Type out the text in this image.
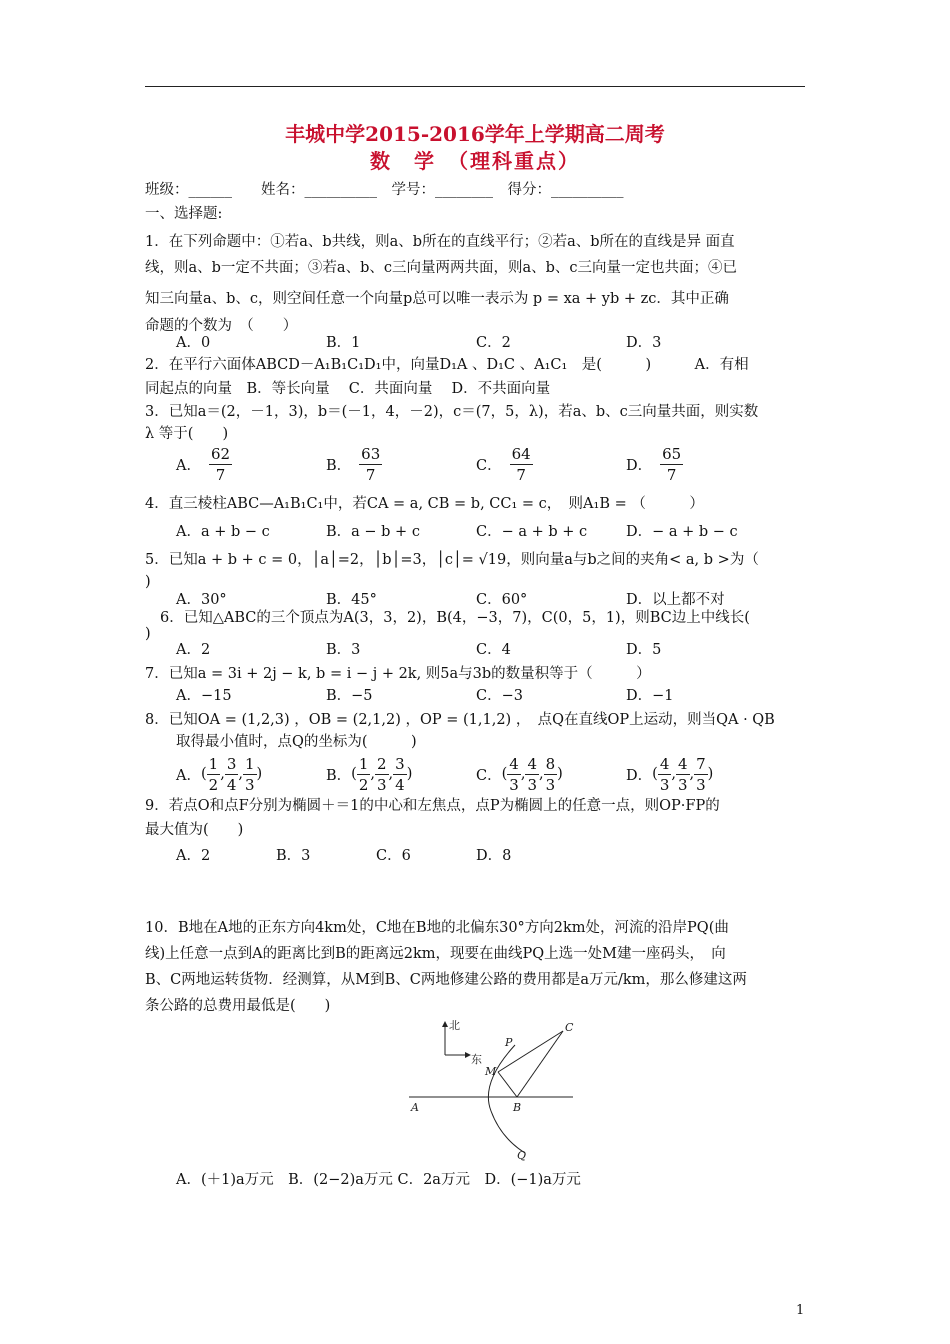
丰城中学2015-2016学年上学期高二周考
数　学　（理科重点）
班级：______　　姓名：__________　学号：________　得分：__________
一、选择题:
1．在下列命题中：①若a、b共线，则a、b所在的直线平行；②若a、b所在的直线是异 面直
线，则a、b一定不共面；③若a、b、c三向量两两共面，则a、b、c三向量一定也共面；④已
知三向量a、b、c，则空间任意一个向量p总可以唯一表示为 p = xa + yb + zc．其中正确
命题的个数为　（　　）
A．0	B．1	C．2	D．3
2．在平行六面体ABCD－A₁B₁C₁D₁中，向量D₁A 、D₁C 、A₁C₁　是(　　　)　　　A．有相
同起点的向量　B．等长向量　 C．共面向量　 D．不共面向量
3．已知a＝(2，－1，3)，b＝(－1，4，－2)，c＝(7，5，λ)，若a、b、c三向量共面，则实数
λ 等于(　　)
A． $\frac{62}{7}$	B． $\frac{63}{7}$	C． $\frac{64}{7}$	D． $\frac{65}{7}$
4．直三棱柱ABC—A₁B₁C₁中，若CA = a, CB = b, CC₁ = c，　则A₁B = （　　　）
A．a + b − c	B．a − b + c	C．− a + b + c	D．− a + b − c
5．已知a + b + c = 0，│a│=2，│b│=3，│c│= √19，则向量a与b之间的夹角< a, b >为（
)
A．30°	B．45°	C．60°	D．以上都不对
6．已知△ABC的三个顶点为A(3，3，2)，B(4，−3，7)，C(0，5，1)，则BC边上中线长(
)
A．2	B．3	C．4	D．5
7．已知a = 3i + 2j − k, b = i − j + 2k, 则5a与3b的数量积等于（　　　）
A．−15	B．−5	C．−3	D．−1
8．已知OA = (1,2,3) ，OB = (2,1,2) ，OP = (1,1,2) ，　点Q在直线OP上运动，则当QA · QB
取得最小值时，点Q的坐标为(　　　)
A． ( $\frac{1}{2}$ , $\frac{3}{4}$ , $\frac{1}{3}$ )	B． ( $\frac{1}{2}$ , $\frac{2}{3}$ , $\frac{3}{4}$ )	C． ( $\frac{4}{3}$ , $\frac{4}{3}$ , $\frac{8}{3}$ )	D． ( $\frac{4}{3}$ , $\frac{4}{3}$ , $\frac{7}{3}$ )
9．若点O和点F分别为椭圆＋＝1的中心和左焦点，点P为椭圆上的任意一点，则OP·FP的
最大值为(　　)
A．2	B．3	C．6	D．8
10．B地在A地的正东方向4km处，C地在B地的北偏东30°方向2km处，河流的沿岸PQ(曲
线)上任意一点到A的距离比到B的距离远2km，现要在曲线PQ上选一处M建一座码头，　向
B、C两地运转货物．经测算，从M到B、C两地修建公路的费用都是a万元/km，那么修建这两
条公路的总费用最低是(　　)
北
东
A	B
C
P
M
Q
A．(＋1)a万元　B．(2−2)a万元 C．2a万元　D．(−1)a万元
1
